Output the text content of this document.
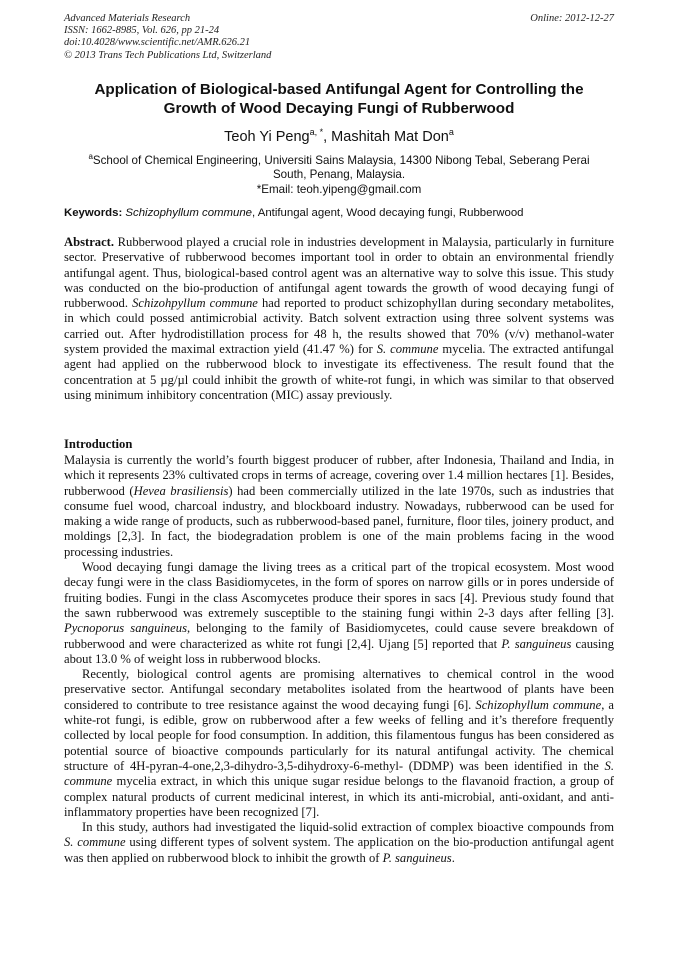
Advanced Materials Research
ISSN: 1662-8985, Vol. 626, pp 21-24
doi:10.4028/www.scientific.net/AMR.626.21
© 2013 Trans Tech Publications Ltd, Switzerland
Online: 2012-12-27
Application of Biological-based Antifungal Agent for Controlling the
Growth of Wood Decaying Fungi of Rubberwood
Teoh Yi Peng$^{a, *}$, Mashitah Mat Don$^a$
$^a$School of Chemical Engineering, Universiti Sains Malaysia, 14300 Nibong Tebal, Seberang Perai
South, Penang, Malaysia.
*Email: teoh.yipeng@gmail.com
Keywords: Schizophyllum commune, Antifungal agent, Wood decaying fungi, Rubberwood

Abstract. Rubberwood played a crucial role in industries development in Malaysia, particularly in furniture sector. Preservative of rubberwood becomes important tool in order to obtain an environmental friendly antifungal agent. Thus, biological-based control agent was an alternative way to solve this issue. This study was conducted on the bio-production of antifungal agent towards the growth of wood decaying fungi of rubberwood. Schizohpyllum commune had reported to product schizophyllan during secondary metabolites, in which could possed antimicrobial activity. Batch solvent extraction using three solvent systems was carried out. After hydrodistillation process for 48 h, the results showed that 70% (v/v) methanol-water system provided the maximal extraction yield (41.47 %) for S. commune mycelia. The extracted antifungal agent had applied on the rubberwood block to investigate its effectiveness. The result found that the concentration at 5 µg/µl could inhibit the growth of white-rot fungi, in which was similar to that observed using minimum inhibitory concentration (MIC) assay previously.

Introduction

Malaysia is currently the world’s fourth biggest producer of rubber, after Indonesia, Thailand and India, in which it represents 23% cultivated crops in terms of acreage, covering over 1.4 million hectares [1]. Besides, rubberwood (Hevea brasiliensis) had been commercially utilized in the late 1970s, such as industries that consume fuel wood, charcoal industry, and blockboard industry. Nowadays, rubberwood can be used for making a wide range of products, such as rubberwood-based panel, furniture, floor tiles, joinery product, and moldings [2,3]. In fact, the biodegradation problem is one of the main problems facing in the wood processing industries.

Wood decaying fungi damage the living trees as a critical part of the tropical ecosystem. Most wood decay fungi were in the class Basidiomycetes, in the form of spores on narrow gills or in pores underside of fruiting bodies. Fungi in the class Ascomycetes produce their spores in sacs [4]. Previous study found that the sawn rubberwood was extremely susceptible to the staining fungi within 2-3 days after felling [3]. Pycnoporus sanguineus, belonging to the family of Basidiomycetes, could cause severe breakdown of rubberwood and were characterized as white rot fungi [2,4]. Ujang [5] reported that P. sanguineus causing about 13.0 % of weight loss in rubberwood blocks.

Recently, biological control agents are promising alternatives to chemical control in the wood preservative sector. Antifungal secondary metabolites isolated from the heartwood of plants have been considered to contribute to tree resistance against the wood decaying fungi [6]. Schizophyllum commune, a white-rot fungi, is edible, grow on rubberwood after a few weeks of felling and it’s therefore frequently collected by local people for food consumption. In addition, this filamentous fungus has been considered as potential source of bioactive compounds particularly for its natural antifungal activity. The chemical structure of 4H-pyran-4-one,2,3-dihydro-3,5-dihydroxy-6-methyl- (DDMP) was been identified in the S. commune mycelia extract, in which this unique sugar residue belongs to the flavanoid fraction, a group of complex natural products of current medicinal interest, in which its anti-microbial, anti-oxidant, and anti-inflammatory properties have been recognized [7].

In this study, authors had investigated the liquid-solid extraction of complex bioactive compounds from S. commune using different types of solvent system. The application on the bio-production antifungal agent was then applied on rubberwood block to inhibit the growth of P. sanguineus.
